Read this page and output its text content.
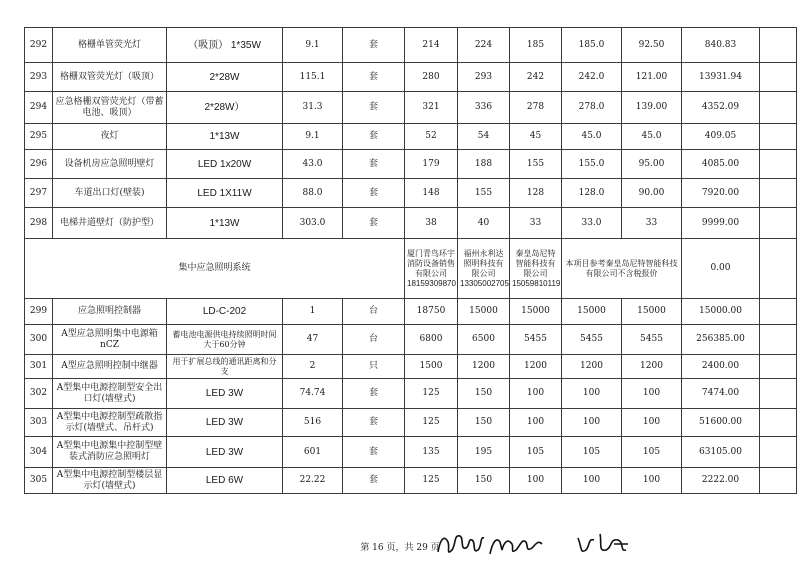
292	格栅单管荧光灯	（吸顶） 1*35W	9.1	套	214	224	185	185.0	92.50	840.83	
293	格栅双管荧光灯（吸顶）	2*28W	115.1	套	280	293	242	242.0	121.00	13931.94	
294	应急格栅双管荧光灯（带蓄电池、吸顶）	2*28W）	31.3	套	321	336	278	278.0	139.00	4352.09	
295	夜灯	1*13W	9.1	套	52	54	45	45.0	45.0	409.05	
296	设备机房应急照明壁灯	LED 1x20W	43.0	套	179	188	155	155.0	95.00	4085.00	
297	车道出口灯(壁装)	LED 1X11W	88.0	套	148	155	128	128.0	90.00	7920.00	
298	电梯井道壁灯（防护型）	1*13W	303.0	套	38	40	33	33.0	33	9999.00	
集中应急照明系统					厦门青鸟环宇消防设备销售有限公司18159309870	福州永利达照明科技有限公司13305002705	秦皇岛尼特智能科技有限公司15059810119	本项目参考秦皇岛尼特智能科技有限公司不含税报价		0.00	
299	应急照明控制器	LD-C-202	1	台	18750	15000	15000	15000	15000	15000.00	
300	A型应急照明集中电源箱nCZ	蓄电池电源供电持续照明时间大于60分钟	47	台	6800	6500	5455	5455	5455	256385.00	
301	A型应急照明控制中继器	用于扩展总线的通讯距离和分支	2	只	1500	1200	1200	1200	1200	2400.00	
302	A型集中电源控制型安全出口灯(墙壁式)	LED 3W	74.74	套	125	150	100	100	100	7474.00	
303	A型集中电源控制型疏散指示灯(墙壁式、吊杆式)	LED 3W	516	套	125	150	100	100	100	51600.00	
304	A型集中电源集中控制型壁装式消防应急照明灯	LED 3W	601	套	135	195	105	105	105	63105.00	
305	A型集中电源控制型楼层显示灯(墙壁式)	LED 6W	22.22	套	125	150	100	100	100	2222.00	
第 16 页，共 29 页
